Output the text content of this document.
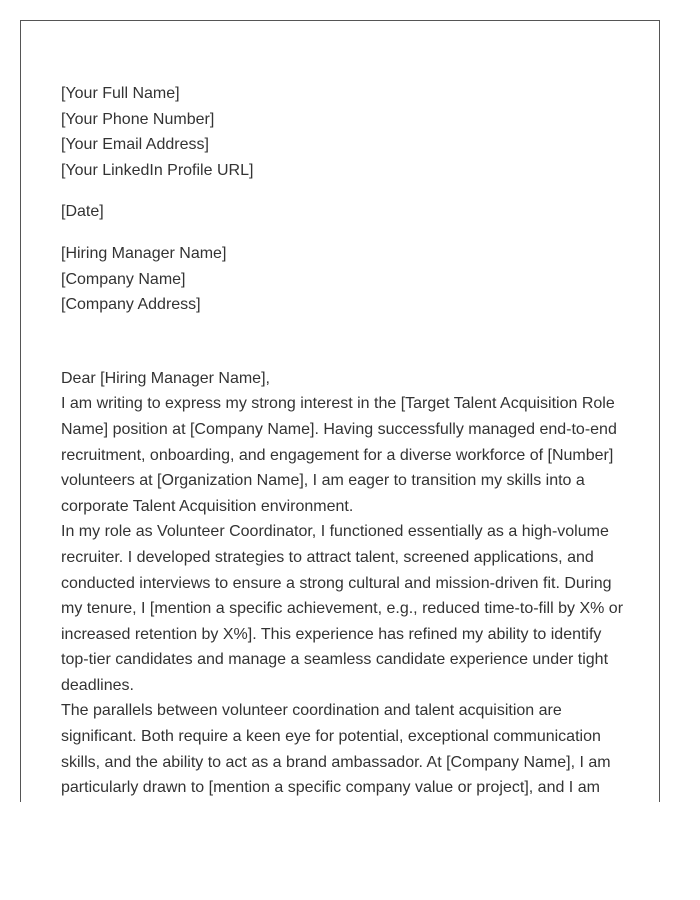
[Your Full Name]
[Your Phone Number]
[Your Email Address]
[Your LinkedIn Profile URL]
[Date]
[Hiring Manager Name]
[Company Name]
[Company Address]
Dear [Hiring Manager Name],
I am writing to express my strong interest in the [Target Talent Acquisition Role Name] position at [Company Name]. Having successfully managed end-to-end recruitment, onboarding, and engagement for a diverse workforce of [Number] volunteers at [Organization Name], I am eager to transition my skills into a corporate Talent Acquisition environment.
In my role as Volunteer Coordinator, I functioned essentially as a high-volume recruiter. I developed strategies to attract talent, screened applications, and conducted interviews to ensure a strong cultural and mission-driven fit. During my tenure, I [mention a specific achievement, e.g., reduced time-to-fill by X% or increased retention by X%]. This experience has refined my ability to identify top-tier candidates and manage a seamless candidate experience under tight deadlines.
The parallels between volunteer coordination and talent acquisition are significant. Both require a keen eye for potential, exceptional communication skills, and the ability to act as a brand ambassador. At [Company Name], I am particularly drawn to [mention a specific company value or project], and I am
